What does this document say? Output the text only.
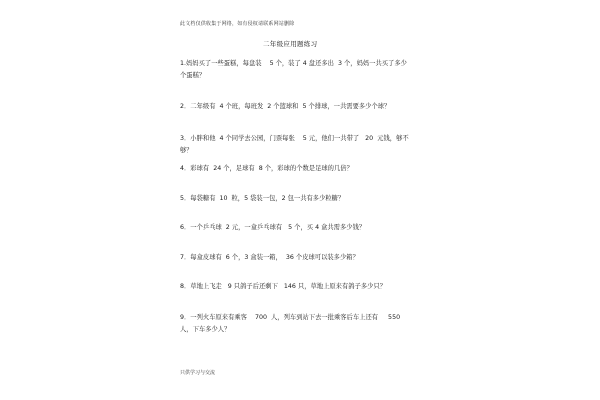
此文档仅供收集于网络，如有侵权请联系网站删除
二年级应用题练习
1.妈妈买了一些蛋糕，每盘装    5 个，装了 4 盘还多出  3 个，妈妈一共买了多少个蛋糕？
2．二年级有  4 个班，每班发  2 个篮球和  5 个排球，一共需要多少个球？
3．小胖和他  4 个同学去公园，门票每张    5 元，他们一共带了   20  元钱，够不够？
4．彩球有  24 个，足球有  8 个，彩球的个数是足球的几倍？
5．每袋糖有  10  粒，5 袋装一包，2 包一共有多少粒糖？
6．一个乒乓球  2 元，一盒乒乓球有   5 个，买 4 盒共需多少钱？
7．每盒皮球有  6 个，3 盒装一箱，  36 个皮球可以装多少箱？
8．草地上飞走   9 只鸽子后还剩下   146 只，草地上原来有鸽子多少只？
9．一列火车原来有乘客    700  人，列车到站下去一批乘客后车上还有     550  人，下车多少人？
只供学习与交流
